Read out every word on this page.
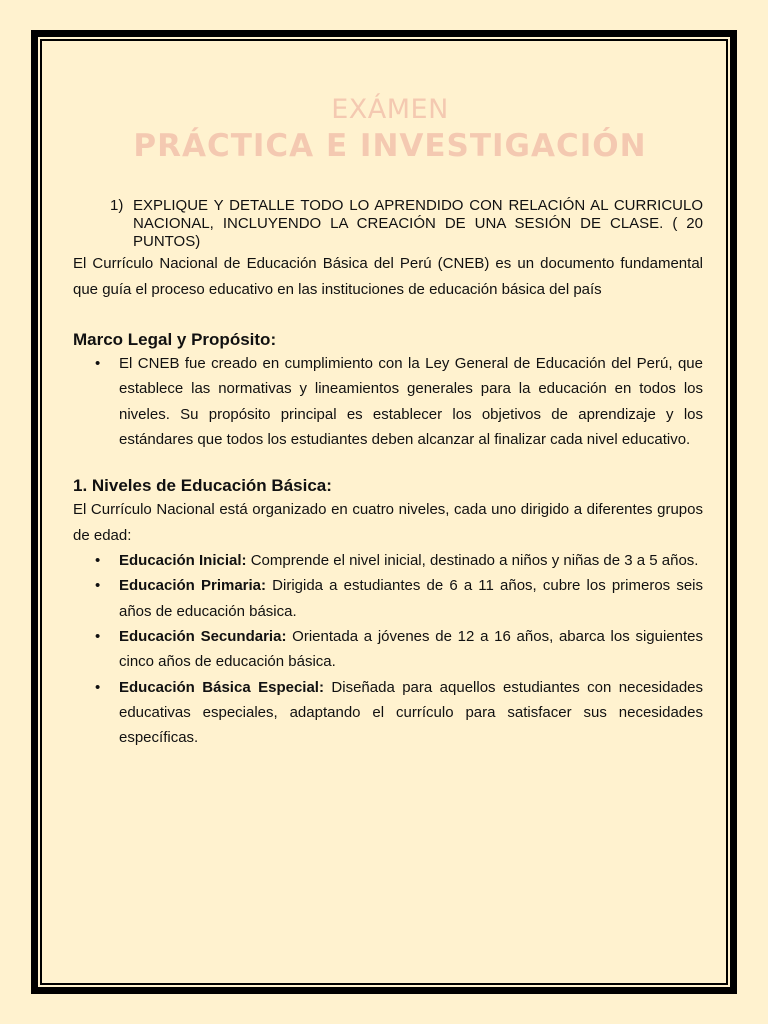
EXÁMEN
PRÁCTICA E INVESTIGACIÓN
1) EXPLIQUE Y DETALLE TODO LO APRENDIDO CON RELACIÓN AL CURRICULO NACIONAL, INCLUYENDO LA CREACIÓN DE UNA SESIÓN DE CLASE. ( 20 PUNTOS)

El Currículo Nacional de Educación Básica del Perú (CNEB) es un documento fundamental que guía el proceso educativo en las instituciones de educación básica del país

Marco Legal y Propósito:
• El CNEB fue creado en cumplimiento con la Ley General de Educación del Perú, que establece las normativas y lineamientos generales para la educación en todos los niveles. Su propósito principal es establecer los objetivos de aprendizaje y los estándares que todos los estudiantes deben alcanzar al finalizar cada nivel educativo.
1. Niveles de Educación Básica:

El Currículo Nacional está organizado en cuatro niveles, cada uno dirigido a diferentes grupos de edad:

• Educación Inicial: Comprende el nivel inicial, destinado a niños y niñas de 3 a 5 años.
• Educación Primaria: Dirigida a estudiantes de 6 a 11 años, cubre los primeros seis años de educación básica.
• Educación Secundaria: Orientada a jóvenes de 12 a 16 años, abarca los siguientes cinco años de educación básica.
• Educación Básica Especial: Diseñada para aquellos estudiantes con necesidades educativas especiales, adaptando el currículo para satisfacer sus necesidades específicas.
